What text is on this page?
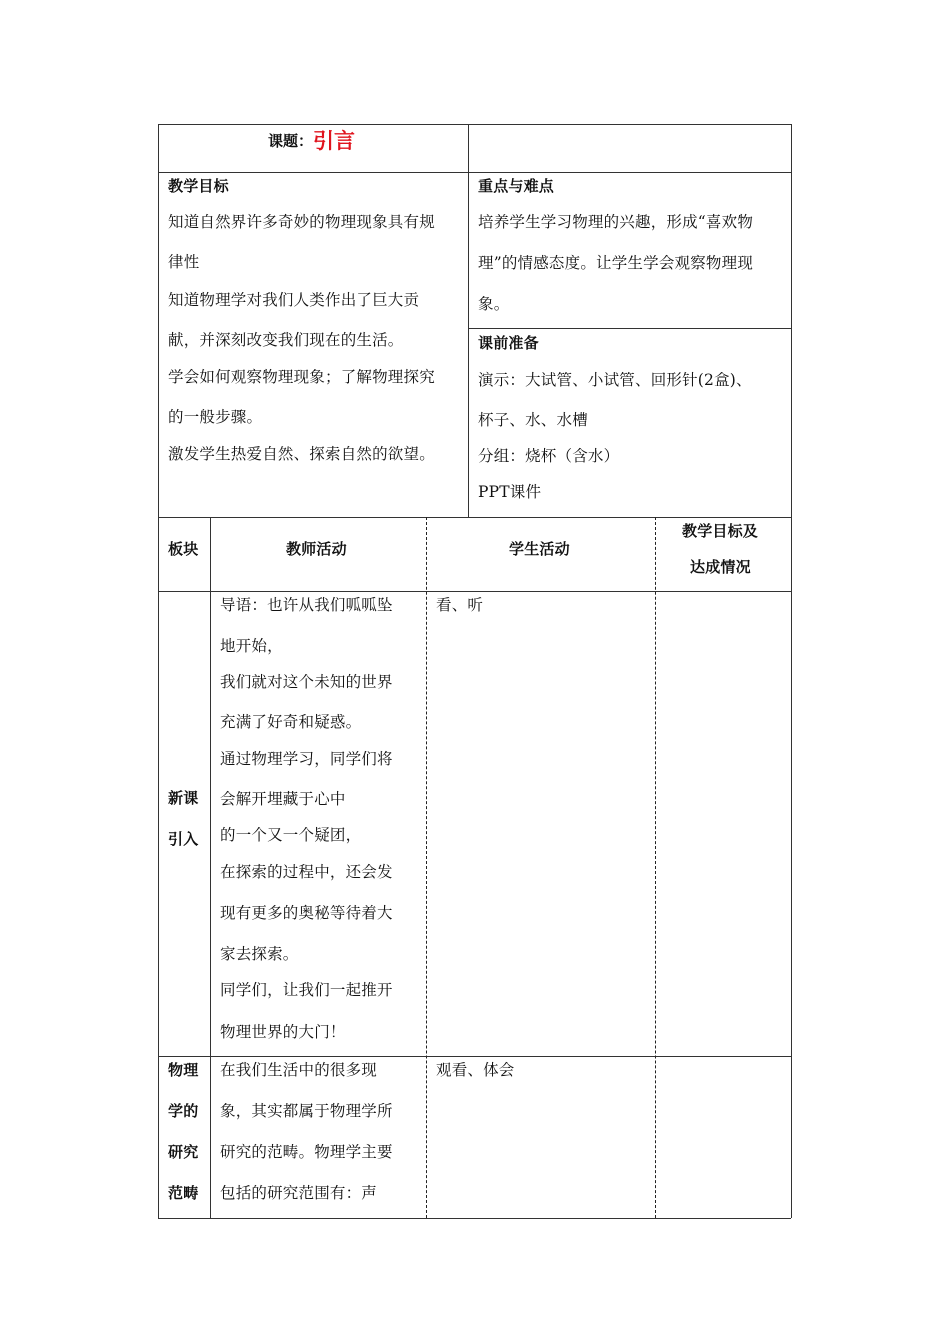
课题： 引言
教学目标
知道自然界许多奇妙的物理现象具有规
律性
知道物理学对我们人类作出了巨大贡
献，并深刻改变我们现在的生活。
学会如何观察物理现象；了解物理探究
的一般步骤。
激发学生热爱自然、探索自然的欲望。
重点与难点
培养学生学习物理的兴趣，形成“喜欢物
理”的情感态度。让学生学会观察物理现
象。
课前准备
演示：大试管、小试管、回形针(2盒)、
杯子、水、水槽
分组：烧杯（含水）
PPT课件
板块	教师活动	学生活动
教学目标及
达成情况
新课
引入
导语：也许从我们呱呱坠
地开始，
我们就对这个未知的世界
充满了好奇和疑惑。
通过物理学习，同学们将
会解开埋藏于心中
的一个又一个疑团，
在探索的过程中，还会发
现有更多的奥秘等待着大
家去探索。
同学们，让我们一起推开
物理世界的大门！
看、听
物理
学的
研究
范畴
在我们生活中的很多现
象，其实都属于物理学所
研究的范畴。物理学主要
包括的研究范围有：声
观看、体会
